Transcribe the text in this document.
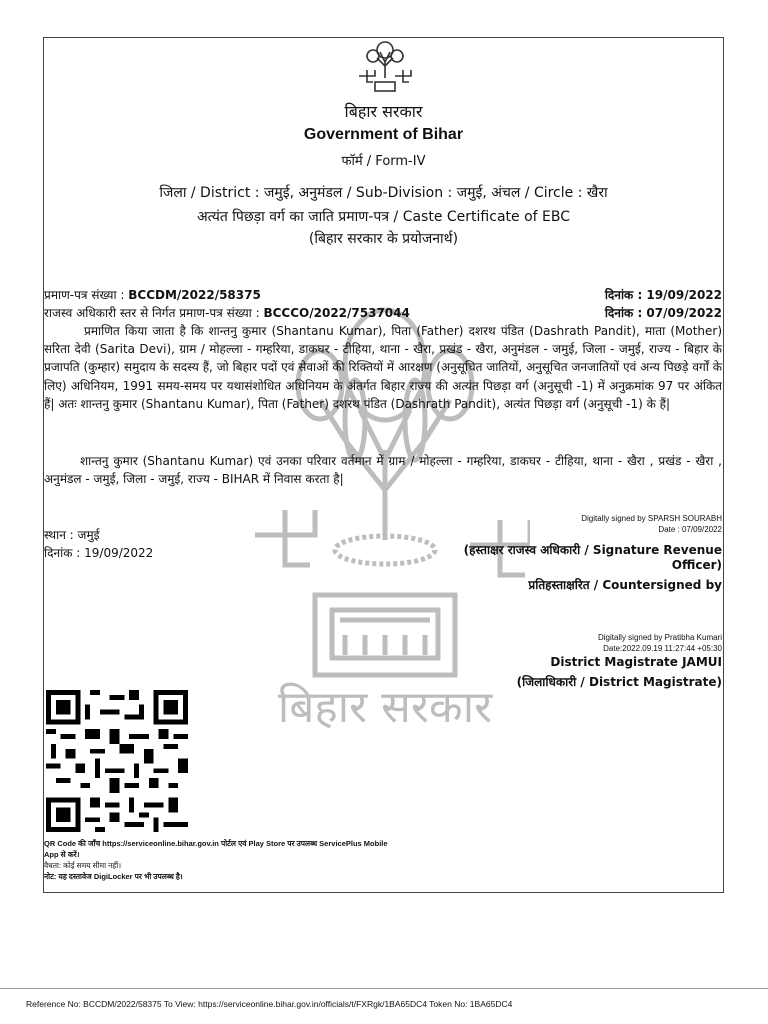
बिहार सरकार
बिहार सरकार
Government of Bihar
फॉर्म / Form-IV
जिला / District : जमुई, अनुमंडल / Sub-Division : जमुई, अंचल / Circle : खैरा
अत्यंत पिछड़ा वर्ग का जाति प्रमाण-पत्र / Caste Certificate of EBC
(बिहार सरकार के प्रयोजनार्थ)
प्रमाण-पत्र संख्या : BCCDM/2022/58375	दिनांक : 19/09/2022
राजस्व अधिकारी स्तर से निर्गत प्रमाण-पत्र संख्या : BCCCO/2022/7537044	दिनांक : 07/09/2022
प्रमाणित किया जाता है कि शान्तनु कुमार (Shantanu Kumar), पिता (Father) दशरथ पंडित (Dashrath Pandit), माता (Mother) सरिता देवी (Sarita Devi), ग्राम / मोहल्ला - गम्हरिया, डाकघर - टीहिया, थाना - खैरा, प्रखंड - खैरा, अनुमंडल - जमुई, जिला - जमुई, राज्य - बिहार के प्रजापति (कुम्हार) समुदाय के सदस्य हैं, जो बिहार पदों एवं सेवाओं की रिक्तियों में आरक्षण (अनुसूचित जातियों, अनुसूचित जनजातियों एवं अन्य पिछड़े वर्गों के लिए) अधिनियम, 1991 समय-समय पर यथासंशोधित अधिनियम के अंतर्गत बिहार राज्य की अत्यंत पिछड़ा वर्ग (अनुसूची -1) में अनुक्रमांक 97 पर अंकित हैं| अतः शान्तनु कुमार (Shantanu Kumar), पिता (Father) दशरथ पंडित (Dashrath Pandit), अत्यंत पिछड़ा वर्ग (अनुसूची -1) के हैं|
शान्तनु कुमार (Shantanu Kumar) एवं उनका परिवार वर्तमान में ग्राम / मोहल्ला - गम्हरिया, डाकघर - टीहिया, थाना - खैरा , प्रखंड - खैरा , अनुमंडल - जमुई, जिला - जमुई, राज्य - BIHAR में निवास करता है|
स्थान : जमुई
दिनांक : 19/09/2022
Digitally signed by SPARSH SOURABH
Date : 07/09/2022
(हस्ताक्षर राजस्व अधिकारी / Signature Revenue
Officer)
प्रतिहस्ताक्षरित / Countersigned by
Digitally signed by Pratibha Kumari
Date:2022.09.19 11:27:44 +05:30
District Magistrate JAMUI
(जिलाधिकारी / District Magistrate)
QR Code की जाँच https://serviceonline.bihar.gov.in पोर्टल एवं Play Store पर उपलब्ध ServicePlus Mobile
App से करें।
वैधता: कोई समय सीमा नहीं।
नोट: यह दस्तावेज DigiLocker पर भी उपलब्ध है।
Reference No: BCCDM/2022/58375 To View: https://serviceonline.bihar.gov.in/officials/t/FXRgk/1BA65DC4 Token No: 1BA65DC4
